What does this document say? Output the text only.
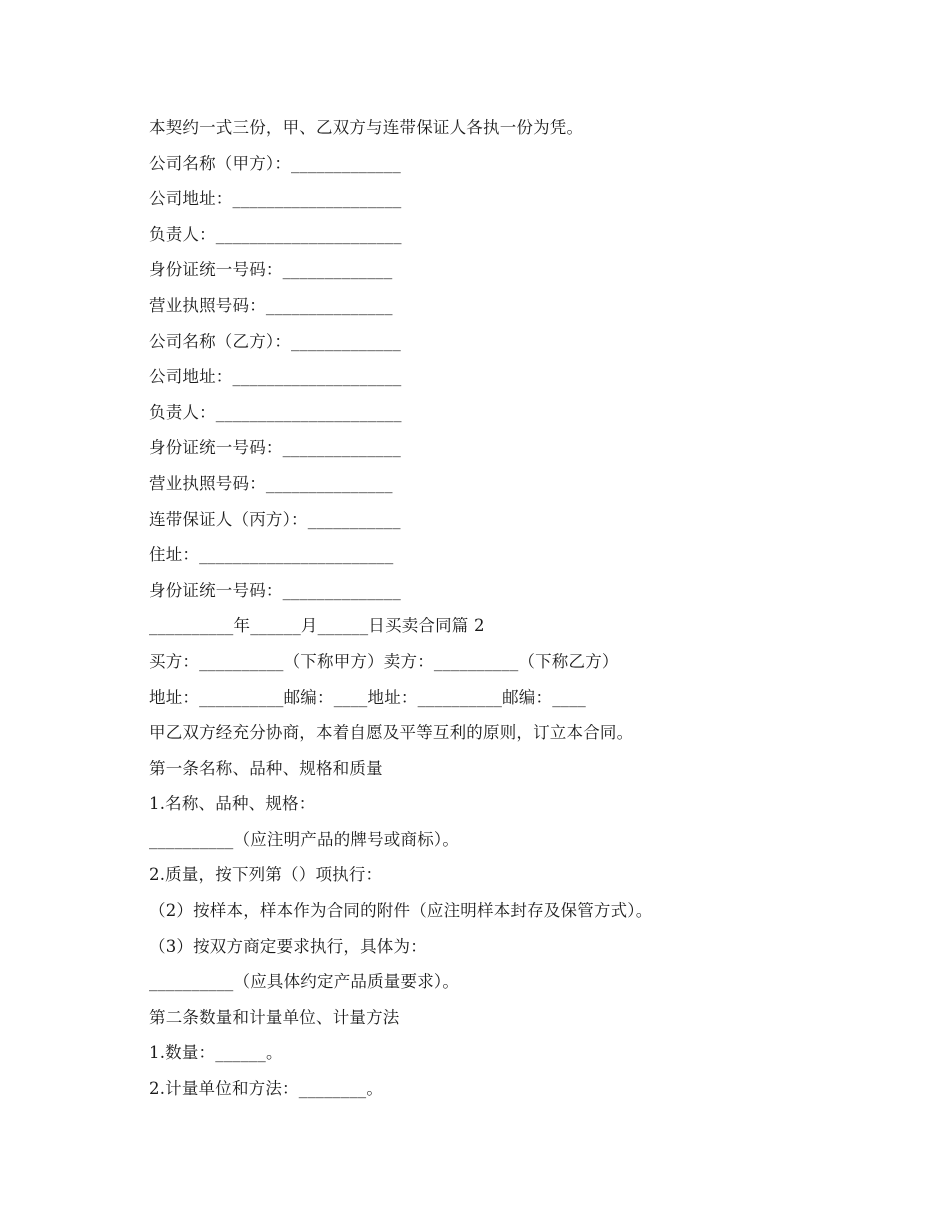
本契约一式三份，甲、乙双方与连带保证人各执一份为凭。
公司名称（甲方）：_____________
公司地址：____________________
负责人：______________________
身份证统一号码：_____________
营业执照号码：_______________
公司名称（乙方）：_____________
公司地址：____________________
负责人：______________________
身份证统一号码：______________
营业执照号码：_______________
连带保证人（丙方）：___________
住址：_______________________
身份证统一号码：______________
__________年______月______日买卖合同篇 2
买方：__________（下称甲方）卖方：__________（下称乙方）
地址：__________邮编：____地址：__________邮编：____
甲乙双方经充分协商，本着自愿及平等互利的原则，订立本合同。
第一条名称、品种、规格和质量
1.名称、品种、规格：
__________（应注明产品的牌号或商标）。
2.质量，按下列第（）项执行：
（2）按样本，样本作为合同的附件（应注明样本封存及保管方式）。
（3）按双方商定要求执行，具体为：
__________（应具体约定产品质量要求）。
第二条数量和计量单位、计量方法
1.数量：______。
2.计量单位和方法：________。
